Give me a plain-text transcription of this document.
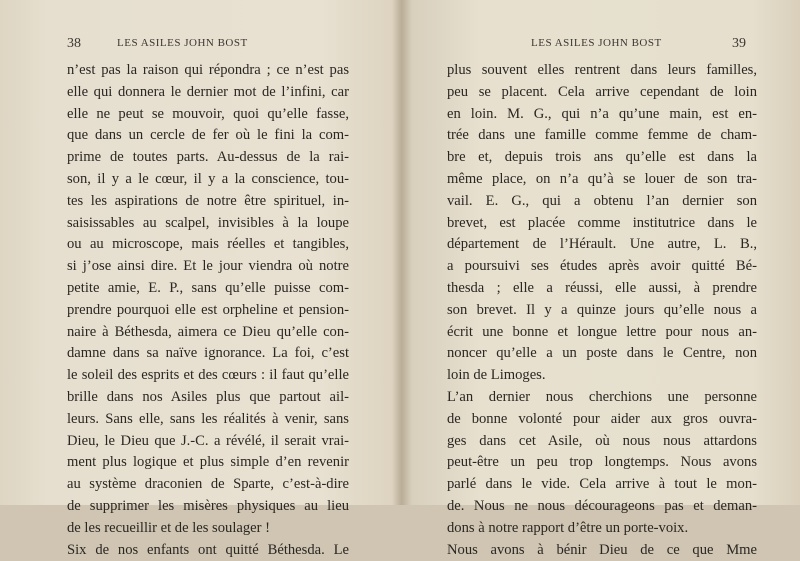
38	LES ASILES JOHN BOST
n’est pas la raison qui répondra ; ce n’est pas
elle qui donnera le dernier mot de l’infini, car
elle ne peut se mouvoir, quoi qu’elle fasse,
que dans un cercle de fer où le fini la com-
prime de toutes parts. Au-dessus de la rai-
son, il y a le cœur, il y a la conscience, tou-
tes les aspirations de notre être spirituel, in-
saisissables au scalpel, invisibles à la loupe
ou au microscope, mais réelles et tangibles,
si j’ose ainsi dire. Et le jour viendra où notre
petite amie, E. P., sans qu’elle puisse com-
prendre pourquoi elle est orpheline et pension-
naire à Béthesda, aimera ce Dieu qu’elle con-
damne dans sa naïve ignorance. La foi, c’est
le soleil des esprits et des cœurs : il faut qu’elle
brille dans nos Asiles plus que partout ail-
leurs. Sans elle, sans les réalités à venir, sans
Dieu, le Dieu que J.-C. a révélé, il serait vrai-
ment plus logique et plus simple d’en revenir
au système draconien de Sparte, c’est-à-dire
de supprimer les misères physiques au lieu
de les recueillir et de les soulager !
Six de nos enfants ont quitté Béthesda. Le
LES ASILES JOHN BOST	39
plus souvent elles rentrent dans leurs familles,
peu se placent. Cela arrive cependant de loin
en loin. M. G., qui n’a qu’une main, est en-
trée dans une famille comme femme de cham-
bre et, depuis trois ans qu’elle est dans la
même place, on n’a qu’à se louer de son tra-
vail. E. G., qui a obtenu l’an dernier son
brevet, est placée comme institutrice dans le
département de l’Hérault. Une autre, L. B.,
a poursuivi ses études après avoir quitté Bé-
thesda ; elle a réussi, elle aussi, à prendre
son brevet. Il y a quinze jours qu’elle nous a
écrit une bonne et longue lettre pour nous an-
noncer qu’elle a un poste dans le Centre, non
loin de Limoges.
L’an dernier nous cherchions une personne
de bonne volonté pour aider aux gros ouvra-
ges dans cet Asile, où nous nous attardons
peut-être un peu trop longtemps. Nous avons
parlé dans le vide. Cela arrive à tout le mon-
de. Nous ne nous décourageons pas et deman-
dons à notre rapport d’être un porte-voix.
Nous avons à bénir Dieu de ce que Mme
